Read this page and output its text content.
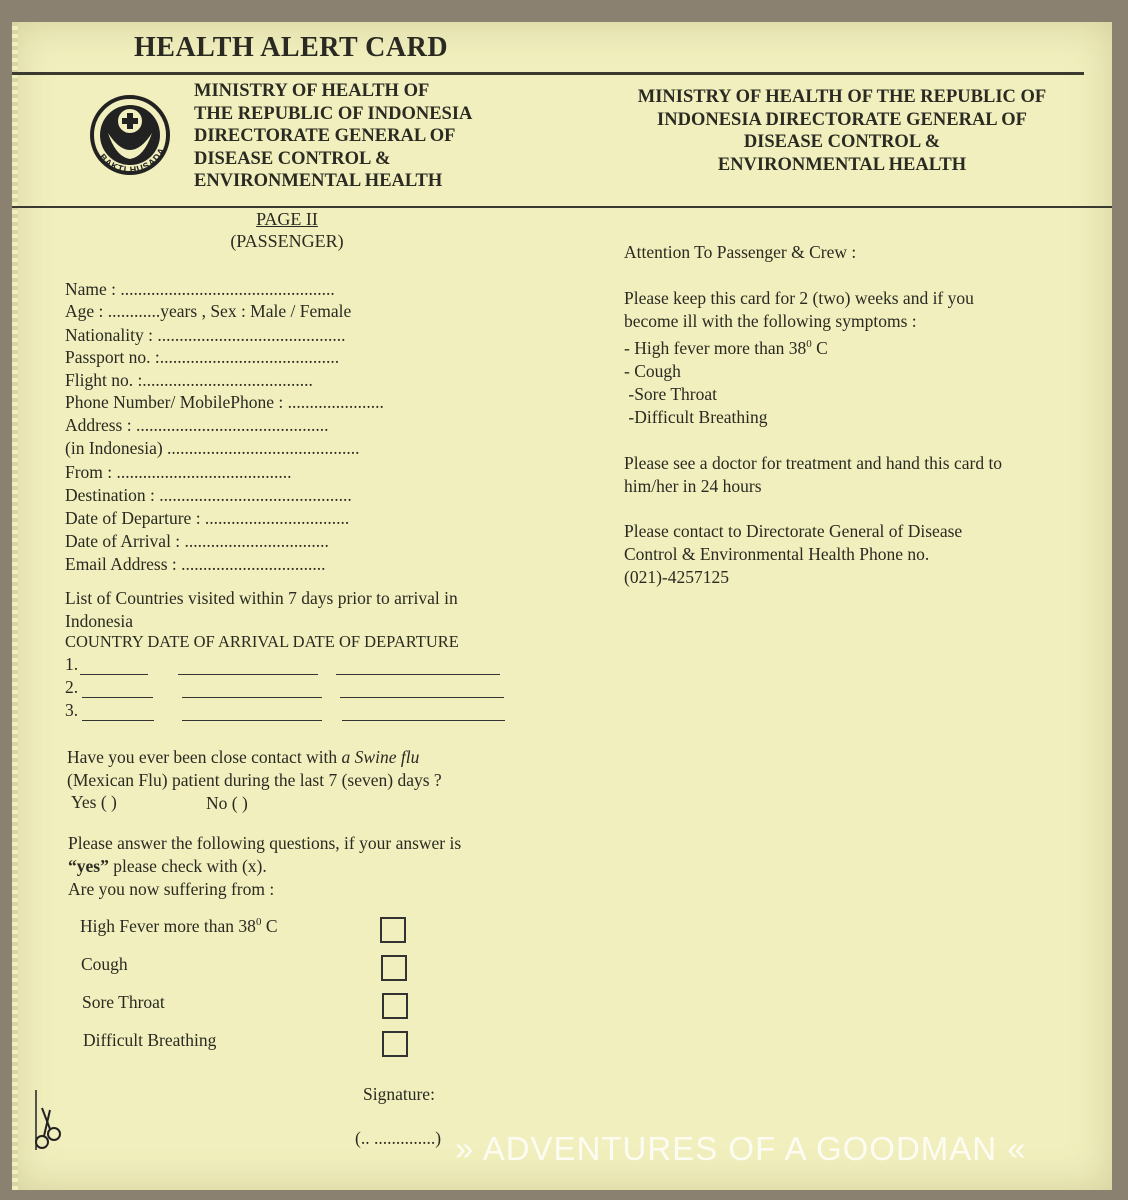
HEALTH ALERT CARD
BAKTI HUSADA
MINISTRY OF HEALTH OF
THE REPUBLIC OF INDONESIA
DIRECTORATE GENERAL OF
DISEASE CONTROL &
ENVIRONMENTAL HEALTH
MINISTRY OF HEALTH OF THE REPUBLIC OF
INDONESIA DIRECTORATE GENERAL OF
DISEASE CONTROL &
ENVIRONMENTAL HEALTH
PAGE II
(PASSENGER)
Name : .................................................
Age : ............years , Sex : Male / Female
Nationality : ...........................................
Passport no. :.........................................
Flight no. :.......................................
Phone Number/ MobilePhone : ......................
Address : ............................................
(in Indonesia) ............................................
From : ........................................
Destination : ............................................
Date of Departure : .................................
Date of Arrival : .................................
Email Address : .................................
List of Countries visited within 7 days prior to arrival in
Indonesia
COUNTRY DATE OF ARRIVAL DATE OF DEPARTURE
1.
2.
3.
Have you ever been close contact with a Swine flu
(Mexican Flu) patient during the last 7 (seven) days ?
Yes ( )	No ( )
Please answer the following questions, if your answer is
“yes” please check with (x).
Are you now suffering from :
High Fever more than $38^0$ C
Cough
Sore Throat
Difficult Breathing
Signature:
(.. ..............)
Attention To Passenger & Crew :
Please keep this card for 2 (two) weeks and if you
become ill with the following symptoms :
- High fever more than $38^0$ C
- Cough
-Sore Throat
-Difficult Breathing
Please see a doctor for treatment and hand this card to
him/her in 24 hours
Please contact to Directorate General of Disease
Control & Environmental Health Phone no.
(021)-4257125
» ADVENTURES OF A GOODMAN «
